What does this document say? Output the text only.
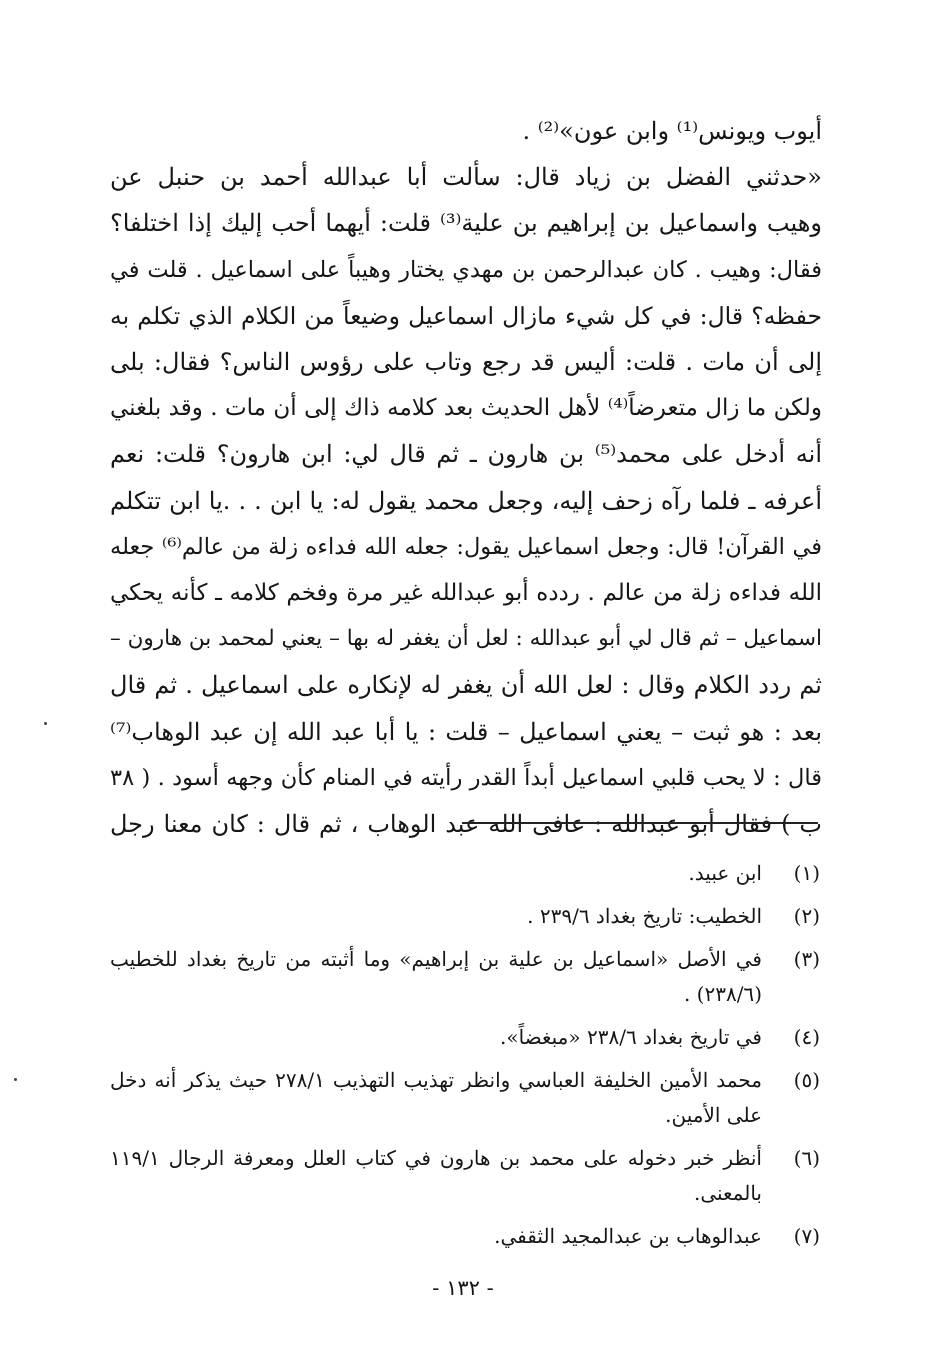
أيوب ويونس⁽¹⁾ وابن عون»⁽²⁾ .
«حدثني الفضل بن زياد قال: سألت أبا عبدالله أحمد بن حنبل عن
وهيب واسماعيل بن إبراهيم بن علية⁽³⁾ قلت: أيهما أحب إليك إذا اختلفا؟
فقال: وهيب . كان عبدالرحمن بن مهدي يختار وهيباً على اسماعيل . قلت في
حفظه؟ قال: في كل شيء مازال اسماعيل وضيعاً من الكلام الذي تكلم به
إلى أن مات . قلت: أليس قد رجع وتاب على رؤوس الناس؟ فقال: بلى
ولكن ما زال متعرضاً⁽⁴⁾ لأهل الحديث بعد كلامه ذاك إلى أن مات . وقد بلغني
أنه أدخل على محمد⁽⁵⁾ بن هارون ـ ثم قال لي: ابن هارون؟ قلت: نعم
أعرفه ـ فلما رآه زحف إليه، وجعل محمد يقول له: يا ابن . . .يا ابن تتكلم
في القرآن! قال: وجعل اسماعيل يقول: جعله الله فداءه زلة من عالم⁽⁶⁾ جعله
الله فداءه زلة من عالم . ردده أبو عبدالله غير مرة وفخم كلامه ـ كأنه يحكي
اسماعيل – ثم قال لي أبو عبدالله : لعل أن يغفر له بها – يعني لمحمد بن هارون –
ثم ردد الكلام وقال : لعل الله أن يغفر له لإنكاره على اسماعيل . ثم قال
بعد : هو ثبت – يعني اسماعيل – قلت : يا أبا عبد الله إن عبد الوهاب⁽⁷⁾
قال : لا يحب قلبي اسماعيل أبداً القدر رأيته في المنام كأن وجهه أسود . ( ٣٨
ب ) فقال أبو عبدالله : عافى الله عبد الوهاب ، ثم قال : كان معنا رجل
(١)
ابن عبيد.
(٢)
الخطيب: تاريخ بغداد ٢٣٩/٦ .
(٣)
في الأصل «اسماعيل بن علية بن إبراهيم» وما أثبته من تاريخ بغداد للخطيب (٢٣٨/٦) .
(٤)
في تاريخ بغداد ٢٣٨/٦ «مبغضاً».
(٥)
محمد الأمين الخليفة العباسي وانظر تهذيب التهذيب ٢٧٨/١ حيث يذكر أنه دخل على الأمين.
(٦)
أنظر خبر دخوله على محمد بن هارون في كتاب العلل ومعرفة الرجال ١١٩/١ بالمعنى.
(٧)
عبدالوهاب بن عبدالمجيد الثقفي.
- ١٣٢ -
